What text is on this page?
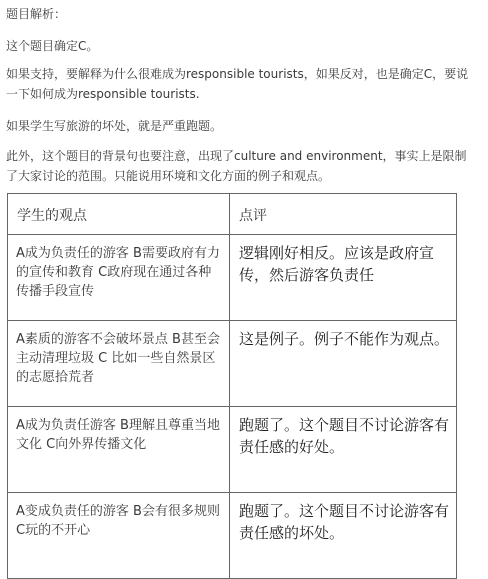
题目解析：

这个题目确定C。

如果支持，要解释为什么很难成为responsible tourists，如果反对，也是确定C，要说一下如何成为responsible tourists.

如果学生写旅游的坏处，就是严重跑题。

此外，这个题目的背景句也要注意，出现了culture and environment，事实上是限制了大家讨论的范围。只能说用环境和文化方面的例子和观点。

学生的观点	点评
A成为负责任的游客 B需要政府有力的宣传和教育 C政府现在通过各种传播手段宣传	逻辑刚好相反。应该是政府宣传，然后游客负责任
A素质的游客不会破坏景点 B甚至会主动清理垃圾 C 比如一些自然景区的志愿拾荒者	这是例子。例子不能作为观点。
A成为负责任游客 B理解且尊重当地文化 C向外界传播文化	跑题了。这个题目不讨论游客有责任感的好处。
A变成负责任的游客 B会有很多规则 C玩的不开心	跑题了。这个题目不讨论游客有责任感的坏处。
